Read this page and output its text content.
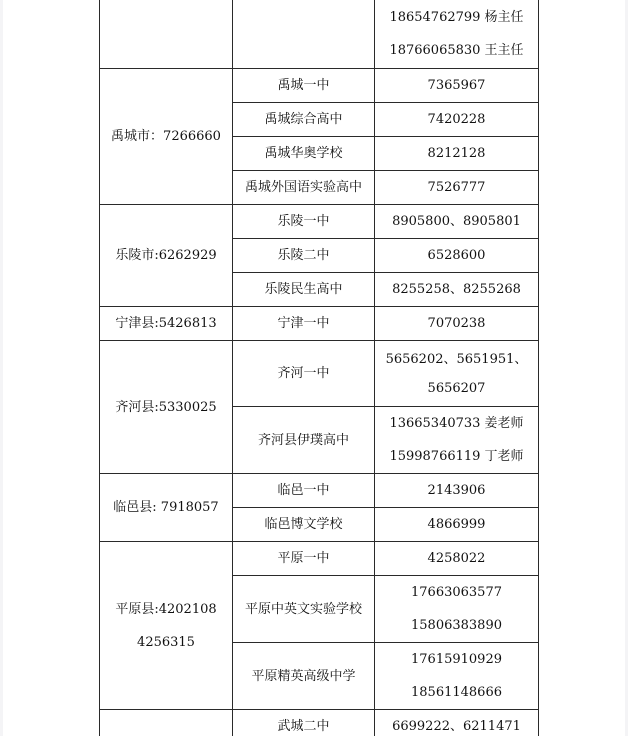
		18654762799 杨主任
18766065830 王主任

禹城市：7266660	禹城一中	7365967
	禹城综合高中	7420228
	禹城华奥学校	8212128
	禹城外国语实验高中	7526777
乐陵市:6262929	乐陵一中	8905800、8905801
	乐陵二中	6528600
	乐陵民生高中	8255258、8255268
宁津县:5426813	宁津一中	7070238
齐河县:5330025	齐河一中	5656202、5651951、
5656207

	齐河县伊璞高中	13665340733 姜老师
15998766119 丁老师

临邑县: 7918057	临邑一中	2143906
	临邑博文学校	4866999

平原县:4202108
4256315	平原一中	4258022
	平原中英文实验学校	17663063577
15806383890

	平原精英高级中学	17615910929
18561148666

	武城二中	6699222、6211471
